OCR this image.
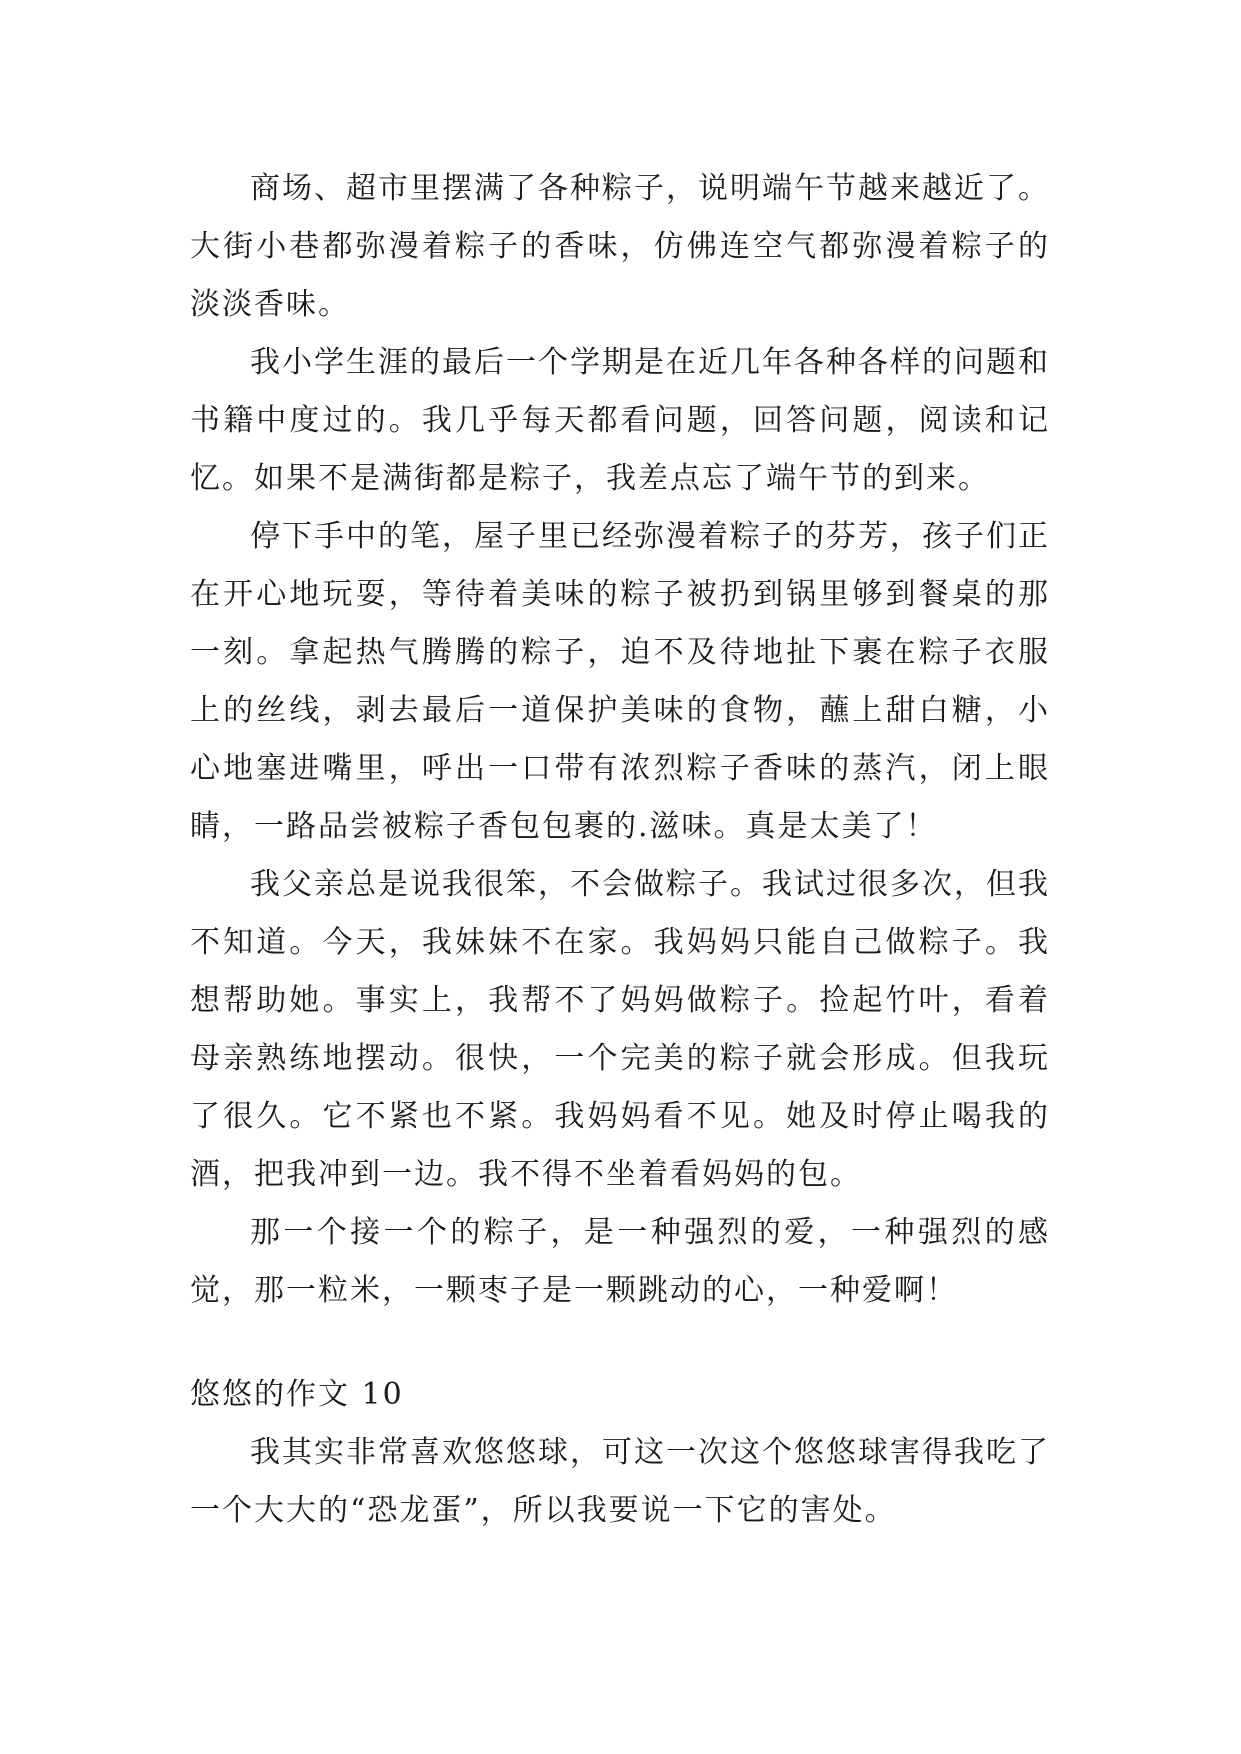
商场、超市里摆满了各种粽子，说明端午节越来越近了。大街小巷都弥漫着粽子的香味，仿佛连空气都弥漫着粽子的淡淡香味。

我小学生涯的最后一个学期是在近几年各种各样的问题和书籍中度过的。我几乎每天都看问题，回答问题，阅读和记忆。如果不是满街都是粽子，我差点忘了端午节的到来。

停下手中的笔，屋子里已经弥漫着粽子的芬芳，孩子们正在开心地玩耍，等待着美味的粽子被扔到锅里够到餐桌的那一刻。拿起热气腾腾的粽子，迫不及待地扯下裹在粽子衣服上的丝线，剥去最后一道保护美味的食物，蘸上甜白糖，小心地塞进嘴里，呼出一口带有浓烈粽子香味的蒸汽，闭上眼睛，一路品尝被粽子香包包裹的.滋味。真是太美了！

我父亲总是说我很笨，不会做粽子。我试过很多次，但我不知道。今天，我妹妹不在家。我妈妈只能自己做粽子。我想帮助她。事实上，我帮不了妈妈做粽子。捡起竹叶，看着母亲熟练地摆动。很快，一个完美的粽子就会形成。但我玩了很久。它不紧也不紧。我妈妈看不见。她及时停止喝我的酒，把我冲到一边。我不得不坐着看妈妈的包。

那一个接一个的粽子，是一种强烈的爱，一种强烈的感觉，那一粒米，一颗枣子是一颗跳动的心，一种爱啊！

悠悠的作文 10

我其实非常喜欢悠悠球，可这一次这个悠悠球害得我吃了一个大大的“恐龙蛋”，所以我要说一下它的害处。
